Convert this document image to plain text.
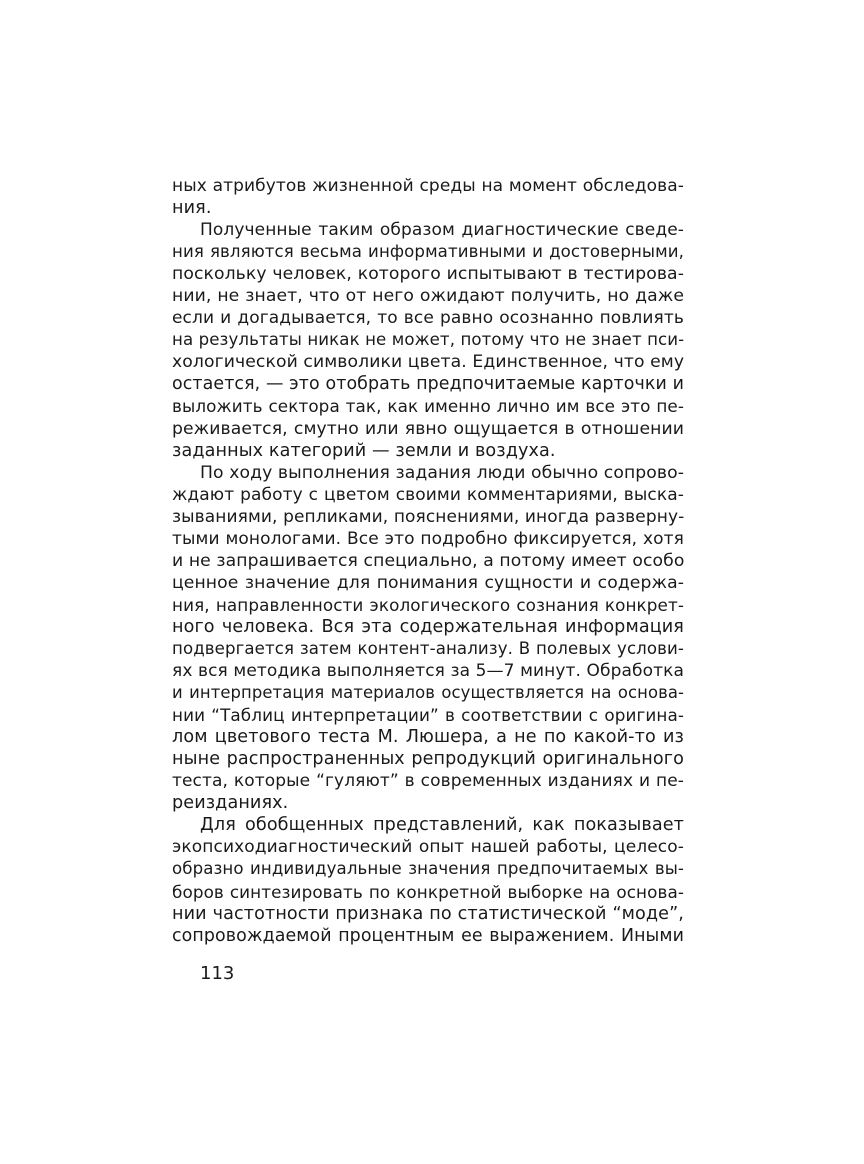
ных атрибутов жизненной среды на момент обследова-
ния.
Полученные таким образом диагностические сведе-
ния являются весьма информативными и достоверными,
поскольку человек, которого испытывают в тестирова-
нии, не знает, что от него ожидают получить, но даже
если и догадывается, то все равно осознанно повлиять
на результаты никак не может, потому что не знает пси-
хологической символики цвета. Единственное, что ему
остается, — это отобрать предпочитаемые карточки и
выложить сектора так, как именно лично им все это пе-
реживается, смутно или явно ощущается в отношении
заданных категорий — земли и воздуха.
По ходу выполнения задания люди обычно сопрово-
ждают работу с цветом своими комментариями, выска-
зываниями, репликами, пояснениями, иногда разверну-
тыми монологами. Все это подробно фиксируется, хотя
и не запрашивается специально, а потому имеет особо
ценное значение для понимания сущности и содержа-
ния, направленности экологического сознания конкрет-
ного человека. Вся эта содержательная информация
подвергается затем контент-анализу. В полевых услови-
ях вся методика выполняется за 5—7 минут. Обработка
и интерпретация материалов осуществляется на основа-
нии “Таблиц интерпретации” в соответствии с оригина-
лом цветового теста М. Люшера, а не по какой-то из
ныне распространенных репродукций оригинального
теста, которые “гуляют” в современных изданиях и пе-
реизданиях.
Для обобщенных представлений, как показывает
экопсиходиагностический опыт нашей работы, целесо-
образно индивидуальные значения предпочитаемых вы-
боров синтезировать по конкретной выборке на основа-
нии частотности признака по статистической “моде”,
сопровождаемой процентным ее выражением. Иными
113
